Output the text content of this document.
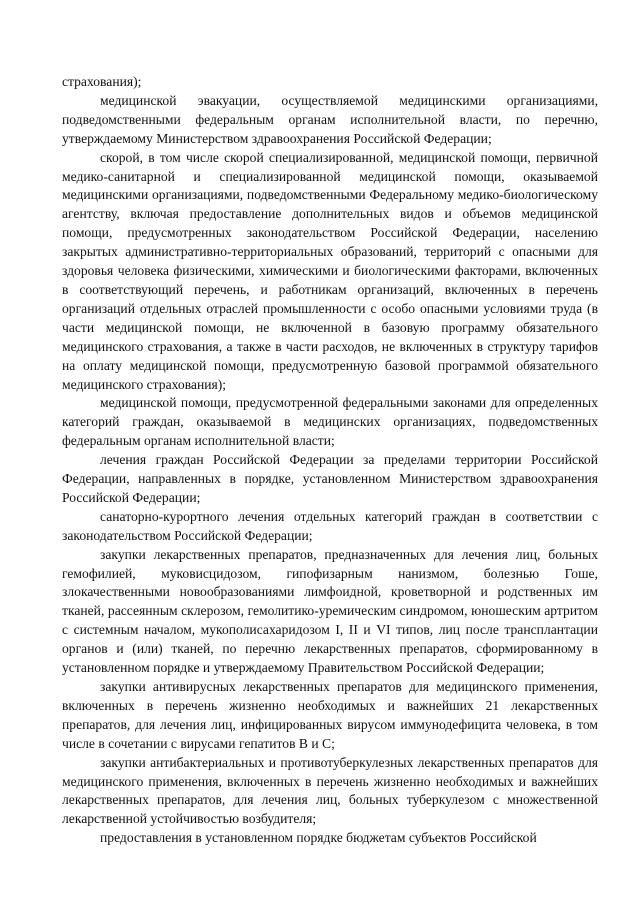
страхования);

медицинской эвакуации, осуществляемой медицинскими организациями, подведомственными федеральным органам исполнительной власти, по перечню, утверждаемому Министерством здравоохранения Российской Федерации;

скорой, в том числе скорой специализированной, медицинской помощи, первичной медико-санитарной и специализированной медицинской помощи, оказываемой медицинскими организациями, подведомственными Федеральному медико-биологическому агентству, включая предоставление дополнительных видов и объемов медицинской помощи, предусмотренных законодательством Российской Федерации, населению закрытых административно-территориальных образований, территорий с опасными для здоровья человека физическими, химическими и биологическими факторами, включенных в соответствующий перечень, и работникам организаций, включенных в перечень организаций отдельных отраслей промышленности с особо опасными условиями труда (в части медицинской помощи, не включенной в базовую программу обязательного медицинского страхования, а также в части расходов, не включенных в структуру тарифов на оплату медицинской помощи, предусмотренную базовой программой обязательного медицинского страхования);

медицинской помощи, предусмотренной федеральными законами для определенных категорий граждан, оказываемой в медицинских организациях, подведомственных федеральным органам исполнительной власти;

лечения граждан Российской Федерации за пределами территории Российской Федерации, направленных в порядке, установленном Министерством здравоохранения Российской Федерации;

санаторно-курортного лечения отдельных категорий граждан в соответствии с законодательством Российской Федерации;

закупки лекарственных препаратов, предназначенных для лечения лиц, больных гемофилией, муковисцидозом, гипофизарным нанизмом, болезнью Гоше, злокачественными новообразованиями лимфоидной, кроветворной и родственных им тканей, рассеянным склерозом, гемолитико-уремическим синдромом, юношеским артритом с системным началом, мукополисахаридозом I, II и VI типов, лиц после трансплантации органов и (или) тканей, по перечню лекарственных препаратов, сформированному в установленном порядке и утверждаемому Правительством Российской Федерации;

закупки антивирусных лекарственных препаратов для медицинского применения, включенных в перечень жизненно необходимых и важнейших 21 лекарственных препаратов, для лечения лиц, инфицированных вирусом иммунодефицита человека, в том числе в сочетании с вирусами гепатитов B и C;

закупки антибактериальных и противотуберкулезных лекарственных препаратов для медицинского применения, включенных в перечень жизненно необходимых и важнейших лекарственных препаратов, для лечения лиц, больных туберкулезом с множественной лекарственной устойчивостью возбудителя;

предоставления в установленном порядке бюджетам субъектов Российской
